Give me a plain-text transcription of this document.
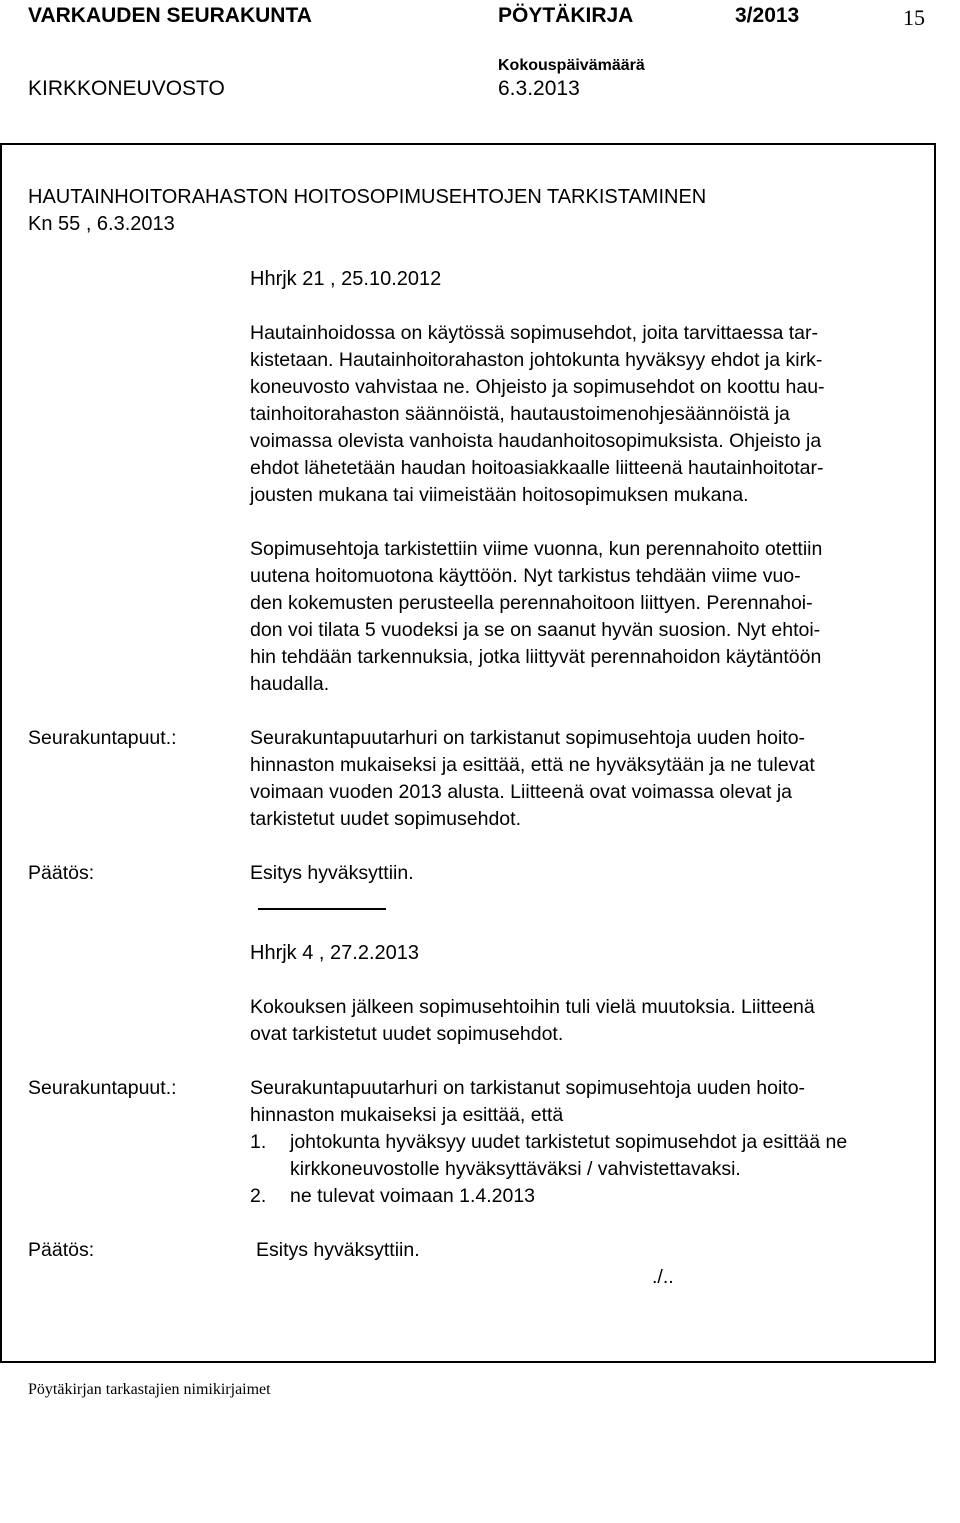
VARKAUDEN SEURAKUNTA	PÖYTÄKIRJA	3/2013	15
KIRKKONEUVOSTO
Kokouspäivämäärä
6.3.2013
HAUTAINHOITORAHASTON HOITOSOPIMUSEHTOJEN TARKISTAMINEN
Kn 55 , 6.3.2013
Hhrjk 21 , 25.10.2012
Hautainhoidossa on käytössä sopimusehdot, joita tarvittaessa tar-
kistetaan. Hautainhoitorahaston johtokunta hyväksyy ehdot ja kirk-
koneuvosto vahvistaa ne. Ohjeisto ja sopimusehdot on koottu hau-
tainhoitorahaston säännöistä, hautaustoimenohjesäännöistä ja
voimassa olevista vanhoista haudanhoitosopimuksista. Ohjeisto ja
ehdot lähetetään haudan hoitoasiakkaalle liitteenä hautainhoitotar-
jousten mukana tai viimeistään hoitosopimuksen mukana.
Sopimusehtoja tarkistettiin viime vuonna, kun perennahoito otettiin
uutena hoitomuotona käyttöön. Nyt tarkistus tehdään viime vuo-
den kokemusten perusteella perennahoitoon liittyen. Perennahoi-
don voi tilata 5 vuodeksi ja se on saanut hyvän suosion. Nyt ehtoi-
hin tehdään tarkennuksia, jotka liittyvät perennahoidon käytäntöön
haudalla.
Seurakuntapuut.:	Seurakuntapuutarhuri on tarkistanut sopimusehtoja uuden hoito-
hinnaston mukaiseksi ja esittää, että ne hyväksytään ja ne tulevat
voimaan vuoden 2013 alusta. Liitteenä ovat voimassa olevat ja
tarkistetut uudet sopimusehdot.
Päätös:	Esitys hyväksyttiin.
Hhrjk 4 , 27.2.2013
Kokouksen jälkeen sopimusehtoihin tuli vielä muutoksia. Liitteenä
ovat tarkistetut uudet sopimusehdot.
Seurakuntapuut.:	Seurakuntapuutarhuri on tarkistanut sopimusehtoja uuden hoito-
hinnaston mukaiseksi ja esittää, että
1. johtokunta hyväksyy uudet tarkistetut sopimusehdot ja esittää ne
kirkkoneuvostolle hyväksyttäväksi / vahvistettavaksi.
2. ne tulevat voimaan 1.4.2013
Päätös:	Esitys hyväksyttiin.
./..
Pöytäkirjan tarkastajien nimikirjaimet
